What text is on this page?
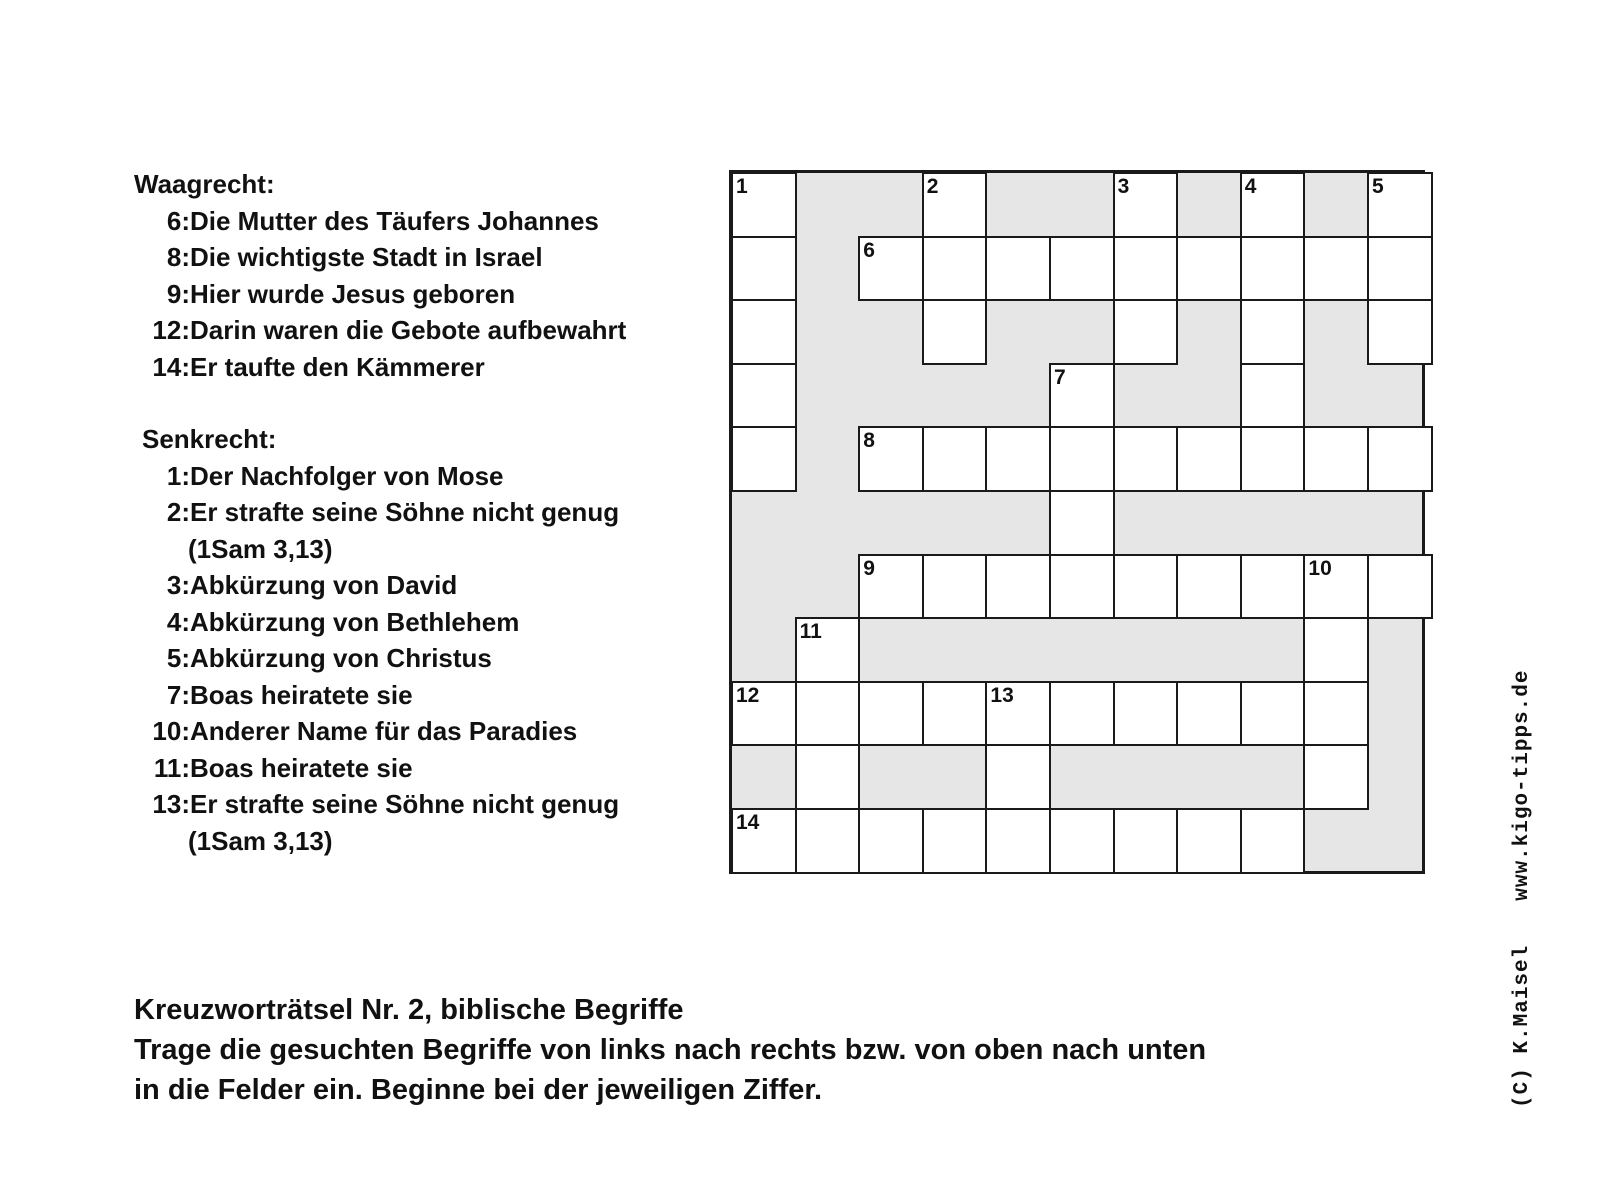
Waagrecht:
6: Die Mutter des Täufers Johannes
8: Die wichtigste Stadt in Israel
9: Hier wurde Jesus geboren
12: Darin waren die Gebote aufbewahrt
14: Er taufte den Kämmerer
Senkrecht:
1: Der Nachfolger von Mose
2: Er strafte seine Söhne nicht genug
(1Sam 3,13)
3: Abkürzung von David
4: Abkürzung von Bethlehem
5: Abkürzung von Christus
7: Boas heiratete sie
10: Anderer Name für das Paradies
11: Boas heiratete sie
13: Er strafte seine Söhne nicht genug
(1Sam 3,13)
1	2	3	4	5
6
7
8
9	10
11
12	13
14
Kreuzworträtsel Nr. 2, biblische Begriffe
Trage die gesuchten Begriffe von links nach rechts bzw. von oben nach unten
in die Felder ein. Beginne bei der jeweiligen Ziffer.	(C) K.Maisel
www.kigo-tipps.de
